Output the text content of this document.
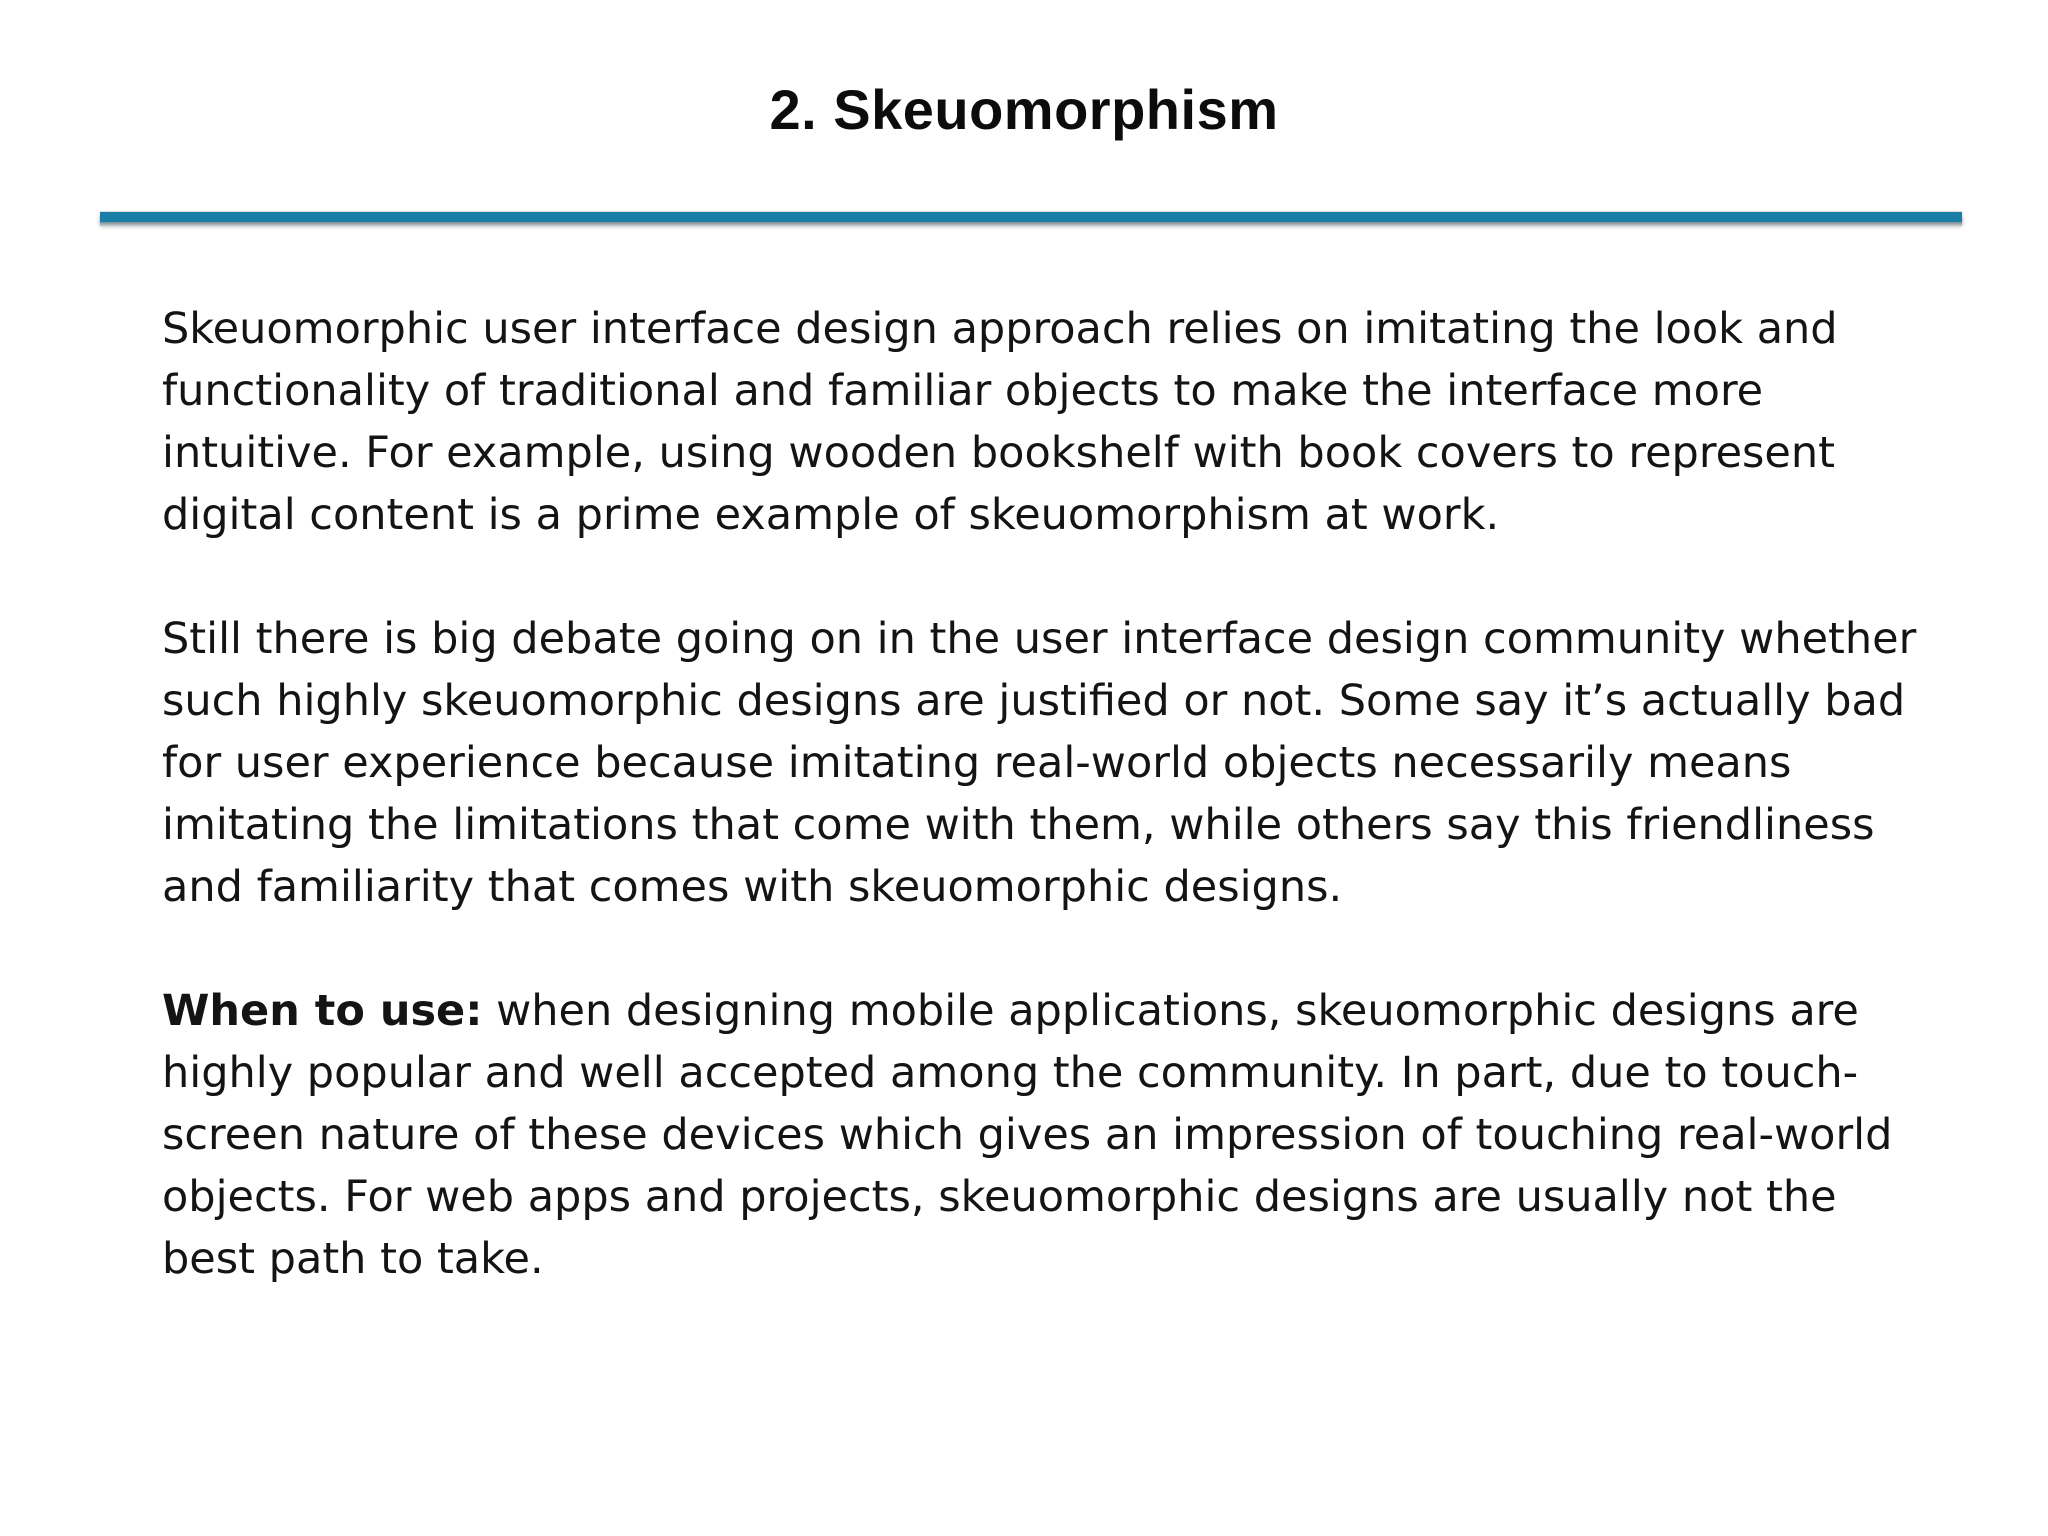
2. Skeuomorphism

Skeuomorphic user interface design approach relies on imitating the look and
functionality of traditional and familiar objects to make the interface more
intuitive. For example, using wooden bookshelf with book covers to represent
digital content is a prime example of skeuomorphism at work.

Still there is big debate going on in the user interface design community whether
such highly skeuomorphic designs are justified or not. Some say it’s actually bad
for user experience because imitating real-world objects necessarily means
imitating the limitations that come with them, while others say this friendliness
and familiarity that comes with skeuomorphic designs.

When to use: when designing mobile applications, skeuomorphic designs are
highly popular and well accepted among the community. In part, due to touch-
screen nature of these devices which gives an impression of touching real-world
objects. For web apps and projects, skeuomorphic designs are usually not the
best path to take.
